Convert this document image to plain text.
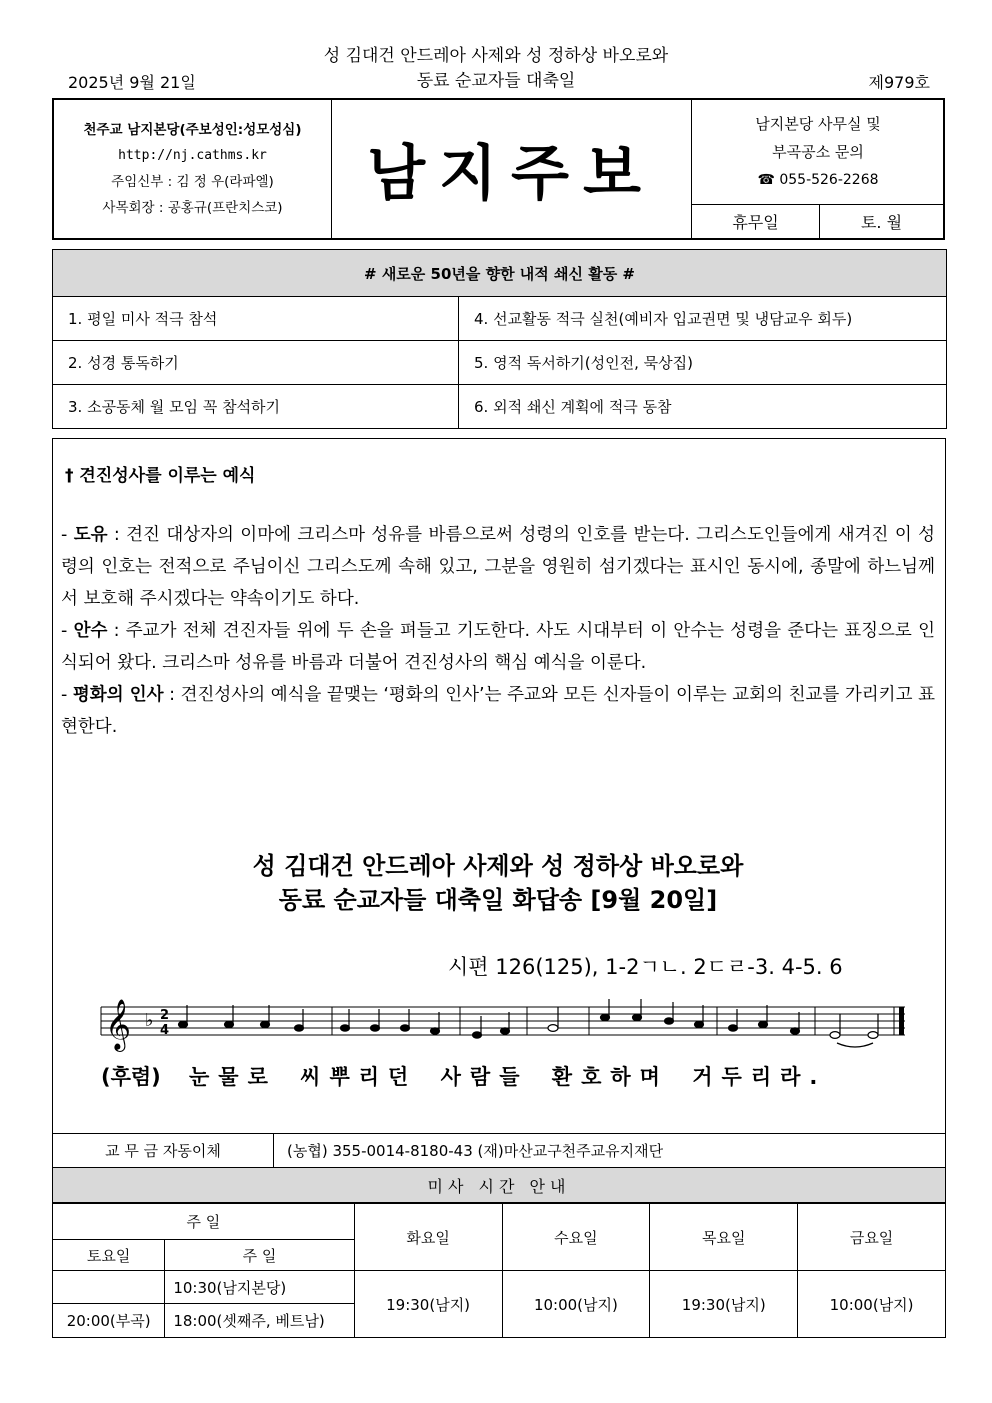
성 김대건 안드레아 사제와 성 정하상 바오로와
동료 순교자들 대축일
2025년 9월 21일	제979호
천주교 남지본당(주보성인:성모성심)
http://nj.cathms.kr
주임신부 : 김 정 우(라파엘)
사목회장 : 공홍규(프란치스코)	남지주보
남지본당 사무실 및
부곡공소 문의
☎ 055-526-2268
휴무일	토. 월
# 새로운 50년을 향한 내적 쇄신 활동 #	
1. 평일 미사 적극 참석	4. 선교활동 적극 실천(예비자 입교권면 및 냉담교우 회두)
2. 성경 통독하기	5. 영적 독서하기(성인전, 묵상집)
3. 소공동체 월 모임 꼭 참석하기	6. 외적 쇄신 계획에 적극 동참
† 견진성사를 이루는 예식

- 도유 : 견진 대상자의 이마에 크리스마 성유를 바름으로써 성령의 인호를 받는다. 그리스도인들에게 새겨진 이 성령의 인호는 전적으로 주님이신 그리스도께 속해 있고, 그분을 영원히 섬기겠다는 표시인 동시에, 종말에 하느님께서 보호해 주시겠다는 약속이기도 하다.

- 안수 : 주교가 전체 견진자들 위에 두 손을 펴들고 기도한다. 사도 시대부터 이 안수는 성령을 준다는 표징으로 인식되어 왔다. 크리스마 성유를 바름과 더불어 견진성사의 핵심 예식을 이룬다.

- 평화의 인사 : 견진성사의 예식을 끝맺는 ‘평화의 인사’는 주교와 모든 신자들이 이루는 교회의 친교를 가리키고 표현한다.

성 김대건 안드레아 사제와 성 정하상 바오로와
동료 순교자들 대축일 화답송 [9월 20일]
시편 126(125), 1-2ㄱㄴ. 2ㄷㄹ-3. 4-5. 6
𝄞 ♭ 2
4
(후렴) 눈물로 씨뿌리던 사람들 환호하며 거두리라.
교 무 금 자동이체	(농협) 355-0014-8180-43 (재)마산교구천주교유지재단
미사 시간 안내
주 일		화요일	수요일	목요일	금요일
토요일	주 일				
	10:30(남지본당)	19:30(남지)	10:00(남지)	19:30(남지)	10:00(남지)
20:00(부곡)	18:00(셋째주, 베트남)				
